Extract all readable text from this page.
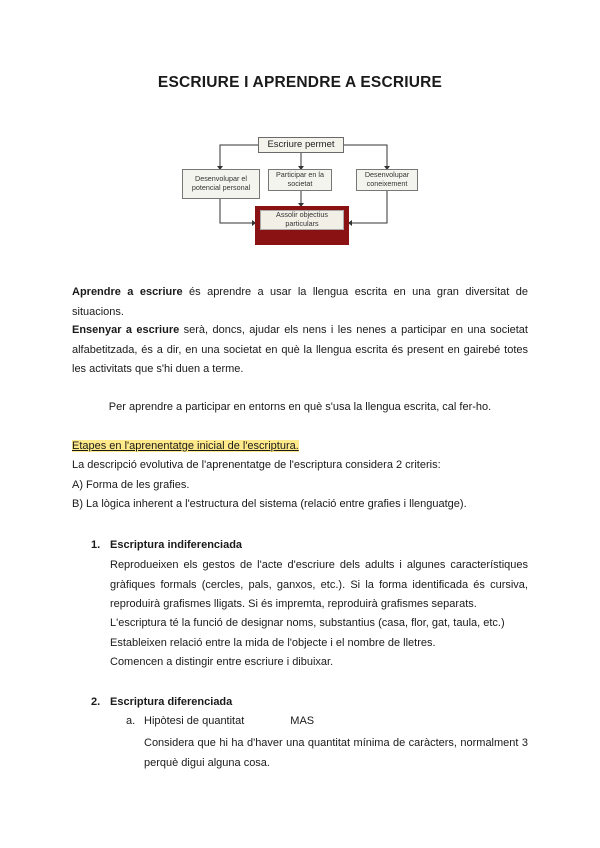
ESCRIURE I APRENDRE A ESCRIURE
Escriure permet
Desenvolupar el potencial personal
Participar en la societat
Desenvolupar coneixement
Assolir objectius particulars
Aprendre a escriure és aprendre a usar la llengua escrita en una gran diversitat de situacions.
Ensenyar a escriure serà, doncs, ajudar els nens i les nenes a participar en una societat alfabetitzada, és a dir, en una societat en què la llengua escrita és present en gairebé totes les activitats que s'hi duen a terme.
Per aprendre a participar en entorns en què s'usa la llengua escrita, cal fer-ho.
Etapes en l'aprenentatge inicial de l'escriptura.
La descripció evolutiva de l'aprenentatge de l'escriptura considera 2 criteris:
A) Forma de les grafies.
B) La lògica inherent a l'estructura del sistema (relació entre grafies i llenguatge).
1. Escriptura indiferenciada
Reprodueixen els gestos de l'acte d'escriure dels adults i algunes característiques gràfiques formals (cercles, pals, ganxos, etc.). Si la forma identificada és cursiva, reproduirà grafismes lligats. Si és impremta, reproduirà grafismes separats.
L'escriptura té la funció de designar noms, substantius (casa, flor, gat, taula, etc.)
Estableixen relació entre la mida de l'objecte i el nombre de lletres.
Comencen a distingir entre escriure i dibuixar.
2. Escriptura diferenciada
a. Hipòtesi de quantitat	MAS
Considera que hi ha d'haver una quantitat mínima de caràcters, normalment 3 perquè digui alguna cosa.
